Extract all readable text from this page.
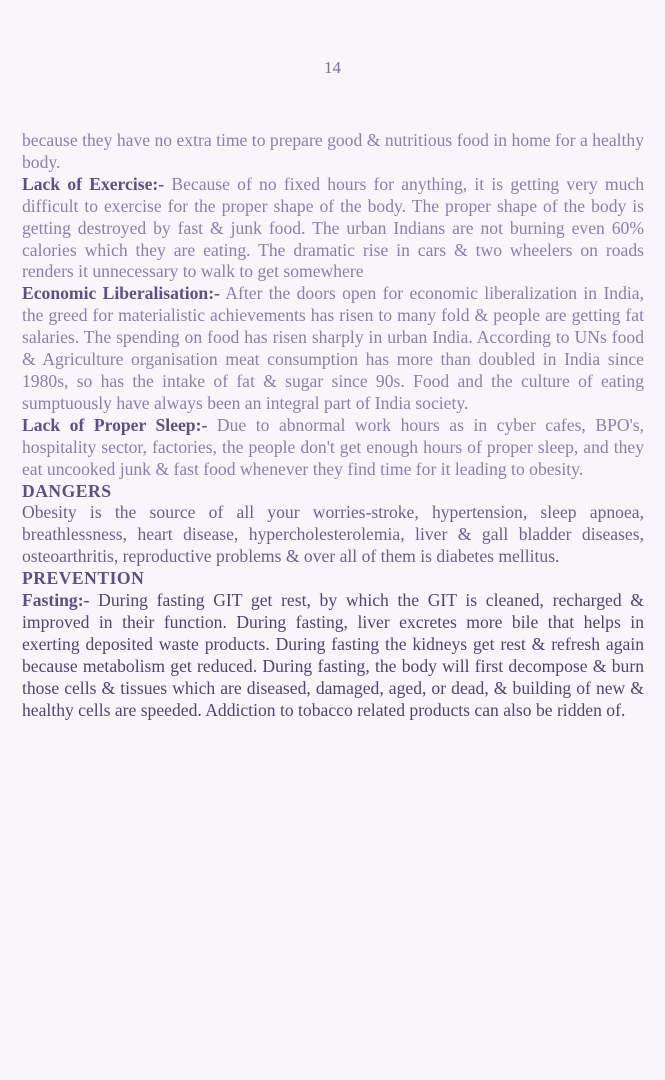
14

because they have no extra time to prepare good & nutritious food in home for a healthy body.

Lack of Exercise:- Because of no fixed hours for anything, it is getting very much difficult to exercise for the proper shape of the body. The proper shape of the body is getting destroyed by fast & junk food. The urban Indians are not burning even 60% calories which they are eating. The dramatic rise in cars & two wheelers on roads renders it unnecessary to walk to get somewhere

Economic Liberalisation:- After the doors open for economic liberalization in India, the greed for materialistic achievements has risen to many fold & people are getting fat salaries. The spending on food has risen sharply in urban India. According to UNs food & Agriculture organisation meat consumption has more than doubled in India since 1980s, so has the intake of fat & sugar since 90s. Food and the culture of eating sumptuously have always been an integral part of India society.

Lack of Proper Sleep:- Due to abnormal work hours as in cyber cafes, BPO's, hospitality sector, factories, the people don't get enough hours of proper sleep, and they eat uncooked junk & fast food whenever they find time for it leading to obesity.

DANGERS

Obesity is the source of all your worries-stroke, hypertension, sleep apnoea, breathlessness, heart disease, hypercholesterolemia, liver & gall bladder diseases, osteoarthritis, reproductive problems & over all of them is diabetes mellitus.

PREVENTION

Fasting:- During fasting GIT get rest, by which the GIT is cleaned, recharged & improved in their function. During fasting, liver excretes more bile that helps in exerting deposited waste products. During fasting the kidneys get rest & refresh again because metabolism get reduced. During fasting, the body will first decompose & burn those cells & tissues which are diseased, damaged, aged, or dead, & building of new & healthy cells are speeded. Addiction to tobacco related products can also be ridden of.
